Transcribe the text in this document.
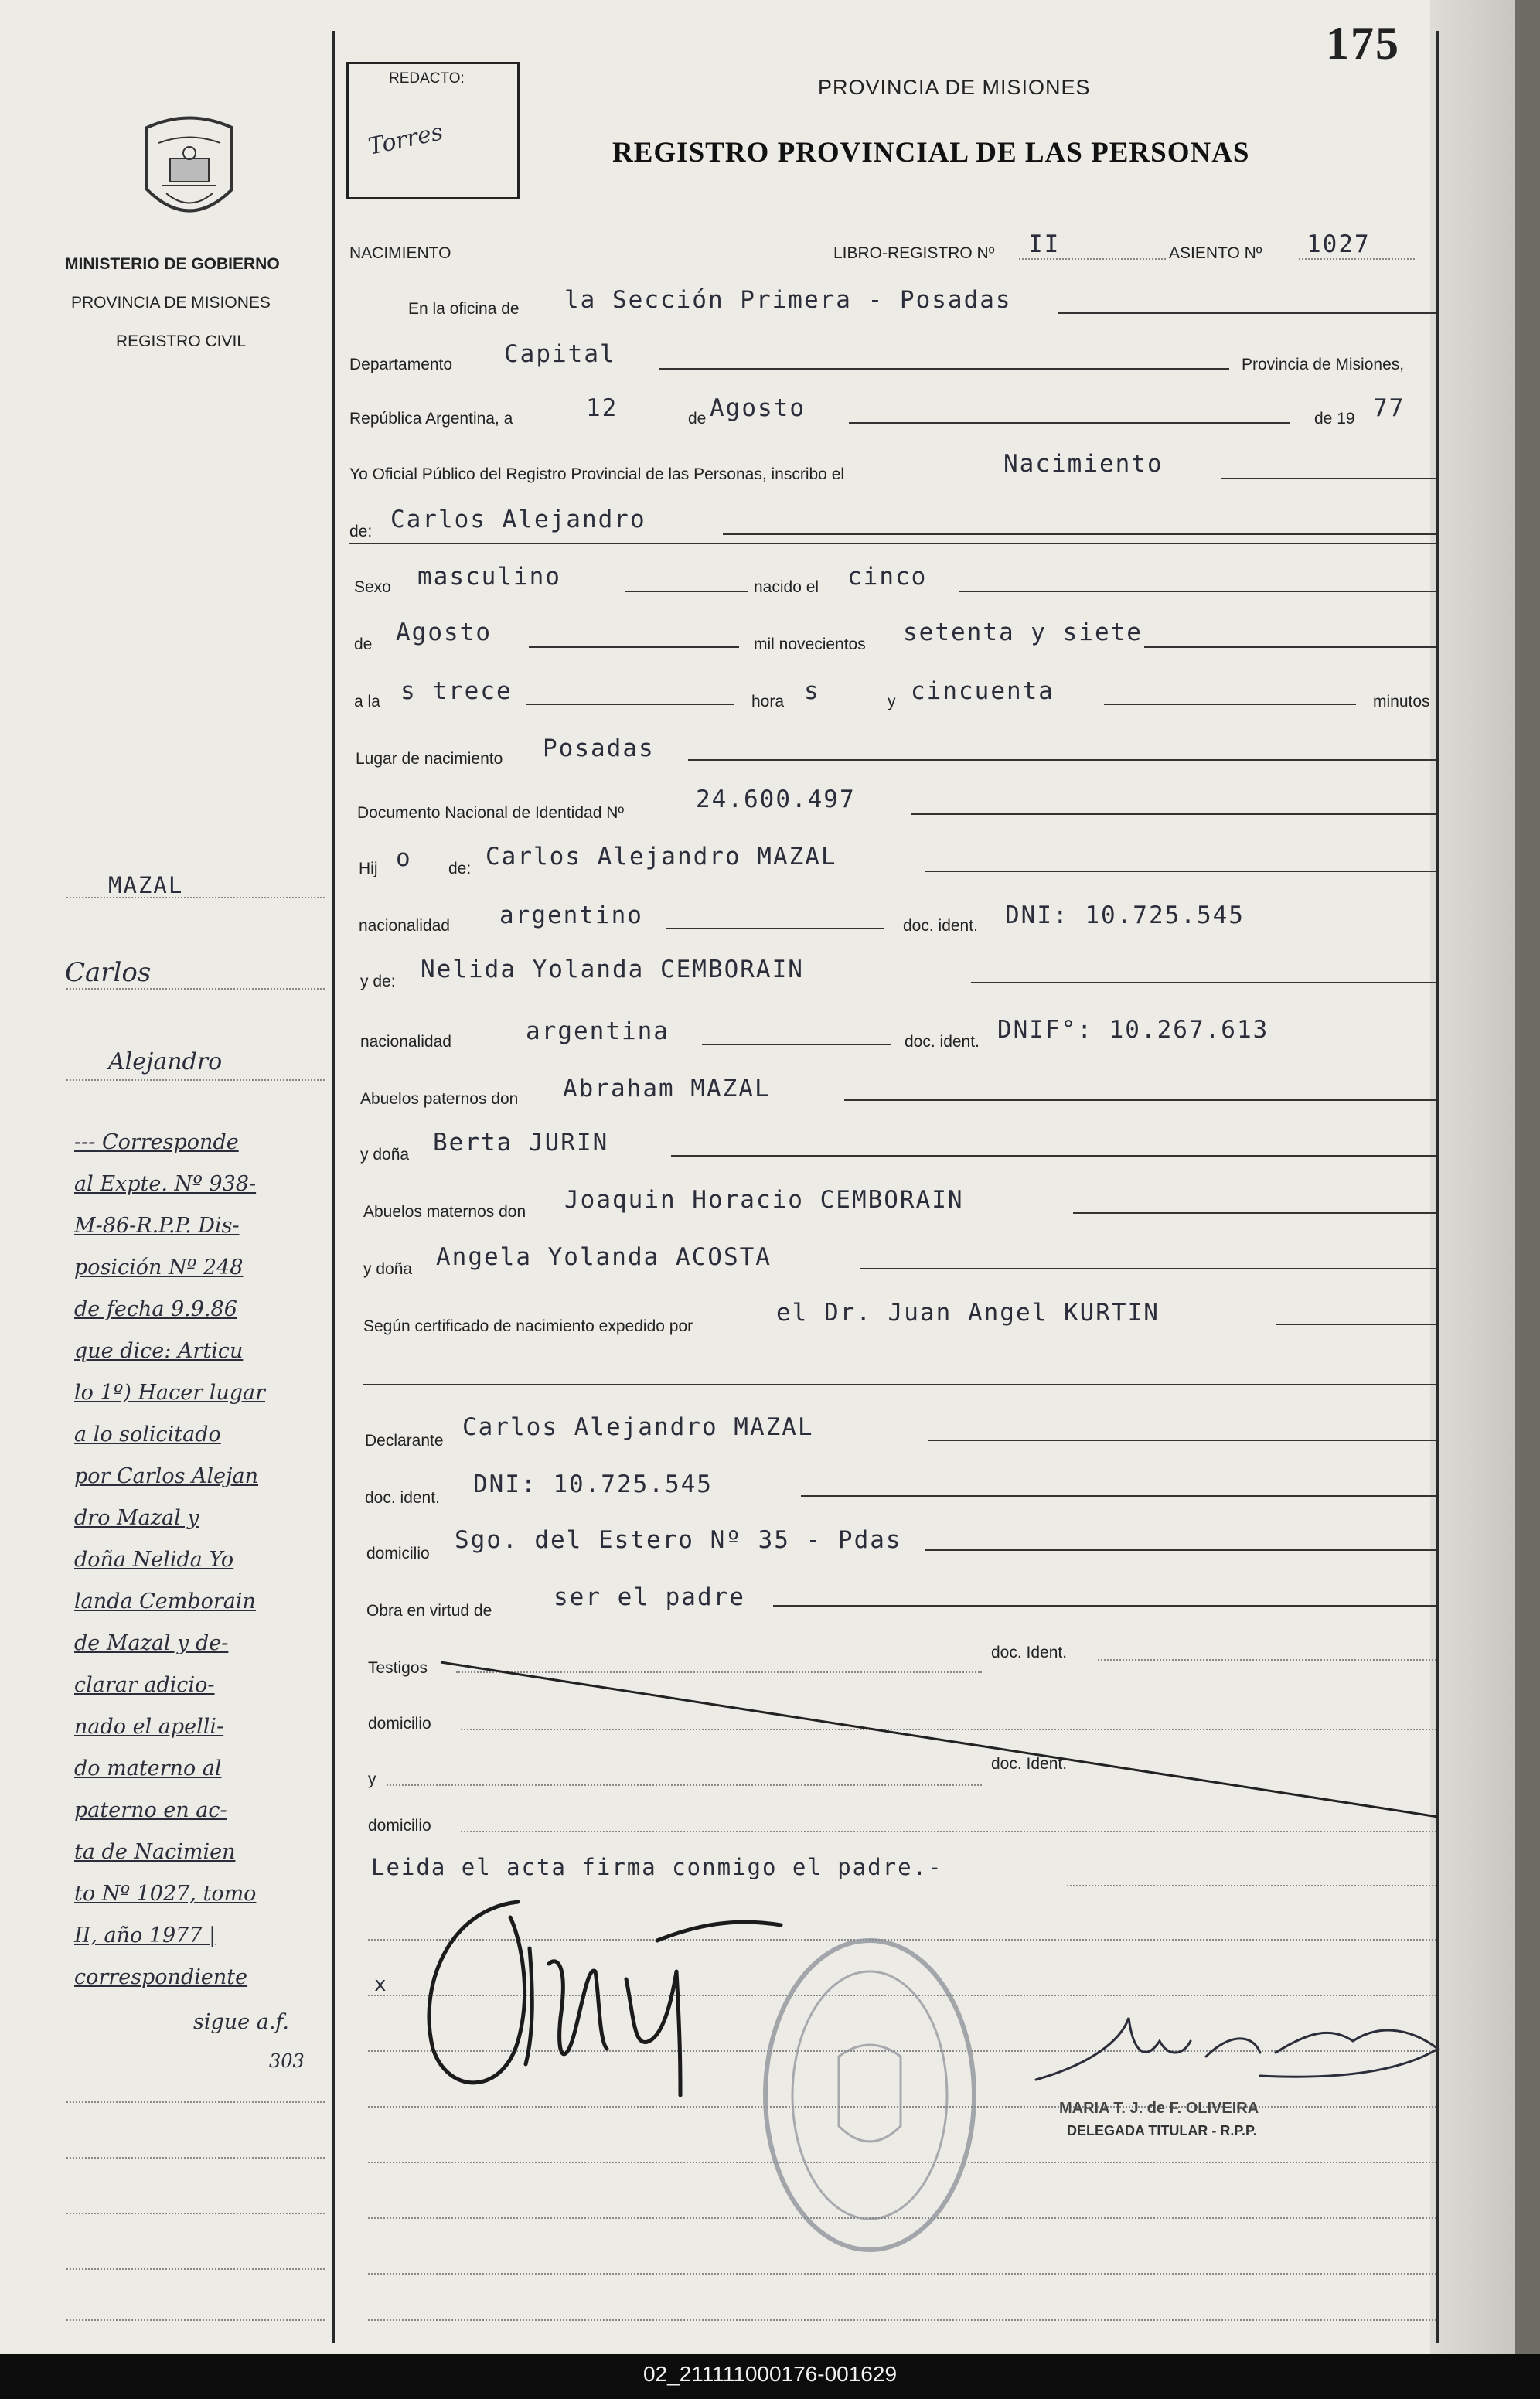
175
MINISTERIO DE GOBIERNO
PROVINCIA DE MISIONES
REGISTRO CIVIL
REDACTO:
Torres
PROVINCIA DE MISIONES
REGISTRO PROVINCIAL DE LAS PERSONAS
NACIMIENTO	LIBRO-REGISTRO Nº II	ASIENTO Nº 1027
En la oficina de la Sección Primera - Posadas
Departamento Capital	Provincia de Misiones,
República Argentina, a	12	de Agosto	de 19 77
Yo Oficial Público del Registro Provincial de las Personas, inscribo el	Nacimiento
de: Carlos Alejandro
Sexo masculino	nacido el cinco
de Agosto	mil novecientos setenta y siete
a la s trece	hora s	y cincuenta	minutos
Lugar de nacimiento Posadas
Documento Nacional de Identidad Nº	24.600.497
Hij o de: Carlos Alejandro MAZAL
nacionalidad argentino	doc. ident. DNI: 10.725.545
y de: Nelida Yolanda CEMBORAIN
nacionalidad	argentina	doc. ident. DNIF°: 10.267.613
Abuelos paternos don Abraham MAZAL
y doña Berta JURIN
Abuelos maternos don Joaquin Horacio CEMBORAIN
y doña Angela Yolanda ACOSTA
Según certificado de nacimiento expedido por	el Dr. Juan Angel KURTIN
Declarante Carlos Alejandro MAZAL
doc. ident. DNI: 10.725.545
domicilio Sgo. del Estero Nº 35 - Pdas
Obra en virtud de	ser el padre
Testigos
doc. Ident.
domicilio
y
doc. Ident.
domicilio
Leida el acta firma conmigo el padre.-
x
MARIA T. J. de F. OLIVEIRA
DELEGADA TITULAR - R.P.P.
MAZAL
Carlos
Alejandro
--- Corresponde
al Expte. Nº 938-
M-86-R.P.P. Dis-
posición Nº 248
de fecha 9.9.86
que dice: Articu
lo 1º) Hacer lugar
a lo solicitado
por Carlos Alejan
dro Mazal y
doña Nelida Yo
landa Cemborain
de Mazal y de-
clarar adicio-
nado el apelli-
do materno al
paterno en ac-
ta de Nacimien
to Nº 1027, tomo
II, año 1977 |
correspondiente
sigue a.f.
303
02_211111000176-001629
